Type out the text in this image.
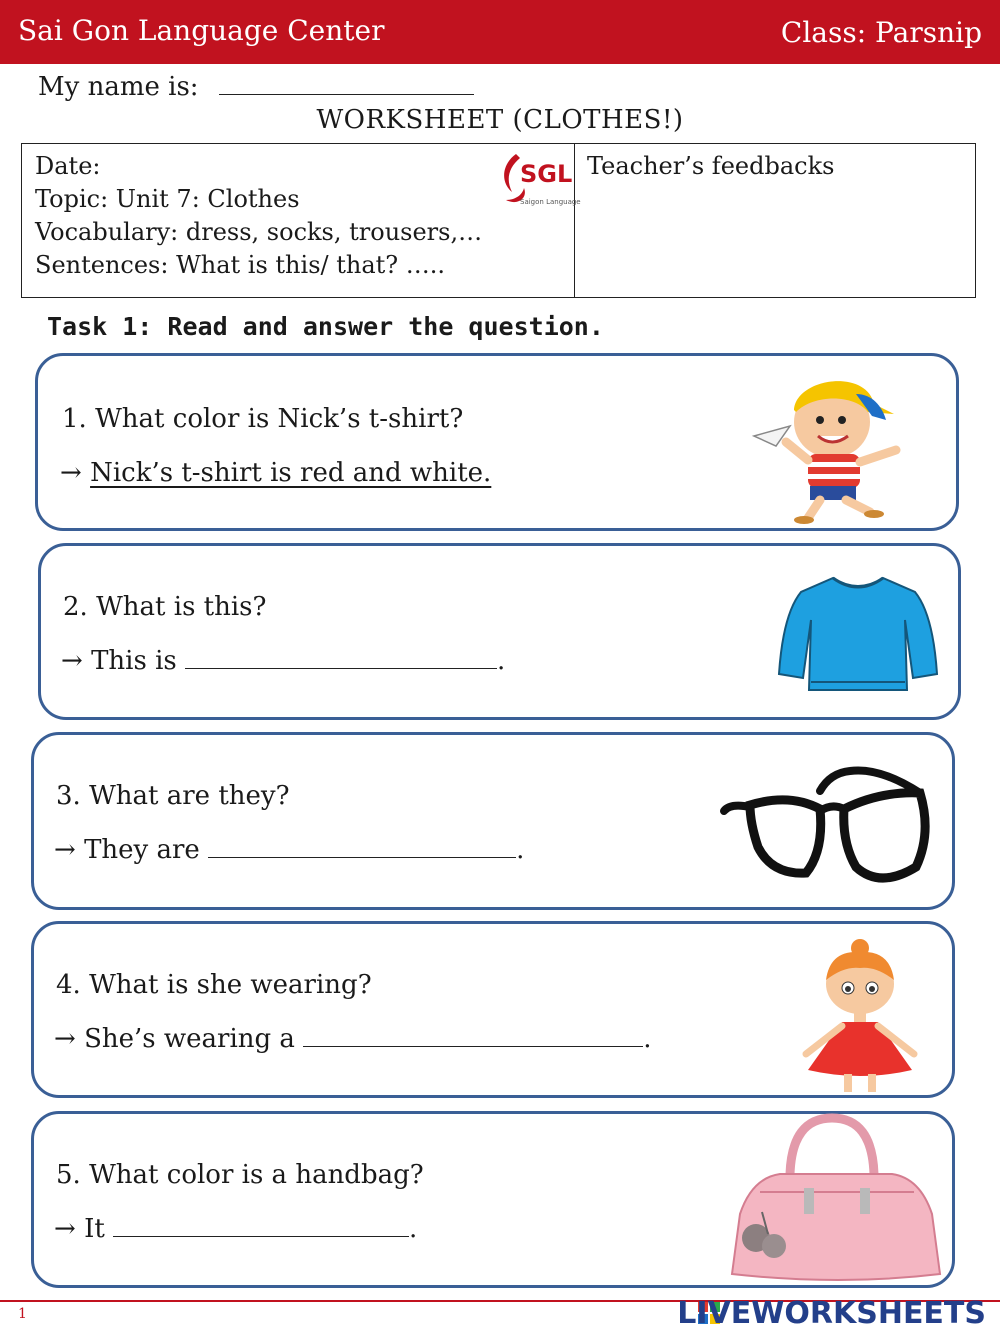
Sai Gon Language Center	Class: Parsnip
My name is:
WORKSHEET (CLOTHES!)
Date:
Topic: Unit 7: Clothes
Vocabulary: dress, socks, trousers,…
Sentences: What is this/ that? …..
SGL
Saigon Language
Teacher’s feedbacks
Task 1: Read and answer the question.
1. What color is Nick’s t-shirt?
→ Nick’s t-shirt is red and white.
2. What is this?
→ This is	.
3. What are they?
→ They are	.
4. What is she wearing?
→ She’s wearing a	.
5. What color is a handbag?
→ It	.
1	LIVEWORKSHEETS
